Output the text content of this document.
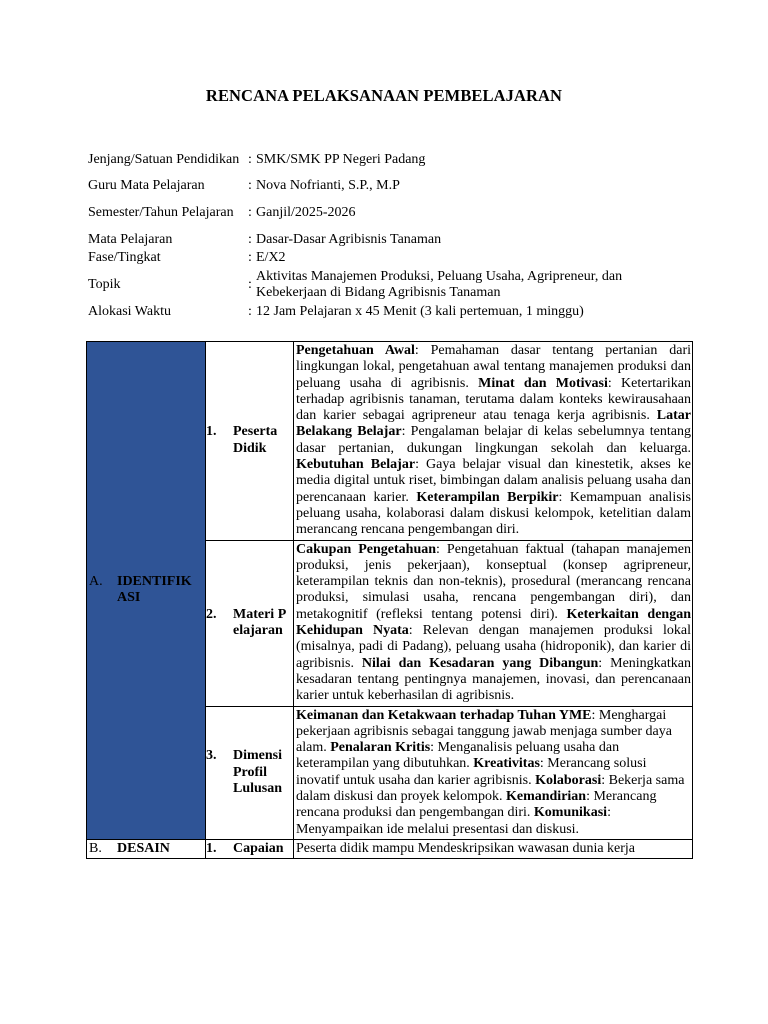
RENCANA PELAKSANAAN PEMBELAJARAN
Jenjang/Satuan Pendidikan	:	SMK/SMK PP Negeri Padang
Guru Mata Pelajaran	:	Nova Nofrianti, S.P., M.P
Semester/Tahun Pelajaran	:	Ganjil/2025-2026
Mata Pelajaran	:	Dasar-Dasar Agribisnis Tanaman
Fase/Tingkat	:	E/X2
Topik	:	Aktivitas Manajemen Produksi, Peluang Usaha, Agripreneur, dan Kebekerjaan di Bidang Agribisnis Tanaman
Alokasi Waktu	:	12 Jam Pelajaran x 45 Menit (3 kali pertemuan, 1 minggu)
A. IDENTIFIKASI	1. Peserta Didik	Pengetahuan Awal: Pemahaman dasar tentang pertanian dari lingkungan lokal, pengetahuan awal tentang manajemen produksi dan peluang usaha di agribisnis. Minat dan Motivasi: Ketertarikan terhadap agribisnis tanaman, terutama dalam konteks kewirausahaan dan karier sebagai agripreneur atau tenaga kerja agribisnis. Latar Belakang Belajar: Pengalaman belajar di kelas sebelumnya tentang dasar pertanian, dukungan lingkungan sekolah dan keluarga. Kebutuhan Belajar: Gaya belajar visual dan kinestetik, akses ke media digital untuk riset, bimbingan dalam analisis peluang usaha dan perencanaan karier. Keterampilan Berpikir: Kemampuan analisis peluang usaha, kolaborasi dalam diskusi kelompok, ketelitian dalam merancang rencana pengembangan diri.

	2. Materi Pelajaran	Cakupan Pengetahuan: Pengetahuan faktual (tahapan manajemen produksi, jenis pekerjaan), konseptual (konsep agripreneur, keterampilan teknis dan non-teknis), prosedural (merancang rencana produksi, simulasi usaha, rencana pengembangan diri), dan metakognitif (refleksi tentang potensi diri). Keterkaitan dengan Kehidupan Nyata: Relevan dengan manajemen produksi lokal (misalnya, padi di Padang), peluang usaha (hidroponik), dan karier di agribisnis. Nilai dan Kesadaran yang Dibangun: Meningkatkan kesadaran tentang pentingnya manajemen, inovasi, dan perencanaan karier untuk keberhasilan di agribisnis.

	3. Dimensi Profil Lulusan	Keimanan dan Ketakwaan terhadap Tuhan YME: Menghargai pekerjaan agribisnis sebagai tanggung jawab menjaga sumber daya alam. Penalaran Kritis: Menganalisis peluang usaha dan keterampilan yang dibutuhkan. Kreativitas: Merancang solusi inovatif untuk usaha dan karier agribisnis. Kolaborasi: Bekerja sama dalam diskusi dan proyek kelompok. Kemandirian: Merancang rencana produksi dan pengembangan diri. Komunikasi: Menyampaikan ide melalui presentasi dan diskusi.

B. DESAIN	1. Capaian	Peserta didik mampu Mendeskripsikan wawasan dunia kerja
